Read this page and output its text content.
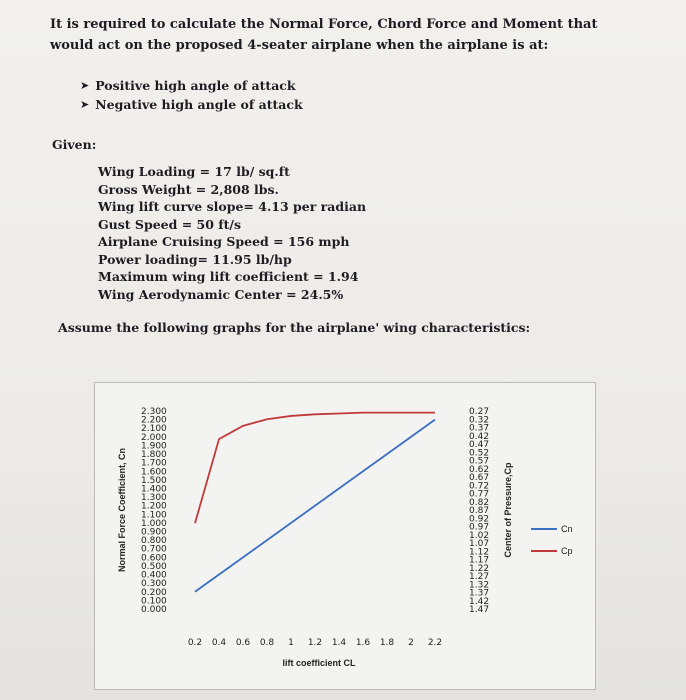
It is required to calculate the Normal Force, Chord Force and Moment that would act on the proposed 4-seater airplane when the airplane is at:
➤ Positive high angle of attack
➤ Negative high angle of attack
Given:
Wing Loading = 17 lb/ sq.ft
Gross Weight = 2,808 lbs.
Wing lift curve slope= 4.13 per radian
Gust Speed = 50 ft/s
Airplane Cruising Speed = 156 mph
Power loading= 11.95 lb/hp
Maximum wing lift coefficient = 1.94
Wing Aerodynamic Center = 24.5%
Assume the following graphs for the airplane' wing characteristics:
2.300
2.200
2.100
2.000
1.900
1.800
1.700
1.600
1.500
1.400
1.300
1.200
1.100
1.000
0.900
0.800
0.700
0.600
0.500
0.400
0.300
0.200
0.100
0.000
0.27
0.32
0.37
0.42
0.47
0.52
0.57
0.62
0.67
0.72
0.77
0.82
0.87
0.92
0.97
1.02
1.07
1.12
1.17
1.22
1.27
1.32
1.37
1.42
1.47
0.2 0.4 0.6 0.8 1 1.2 1.4 1.6 1.8 2 2.2
lift coefficient CL
Normal Force Coefficient, Cn	Center of Pressure,Cp	Cn
Cp
